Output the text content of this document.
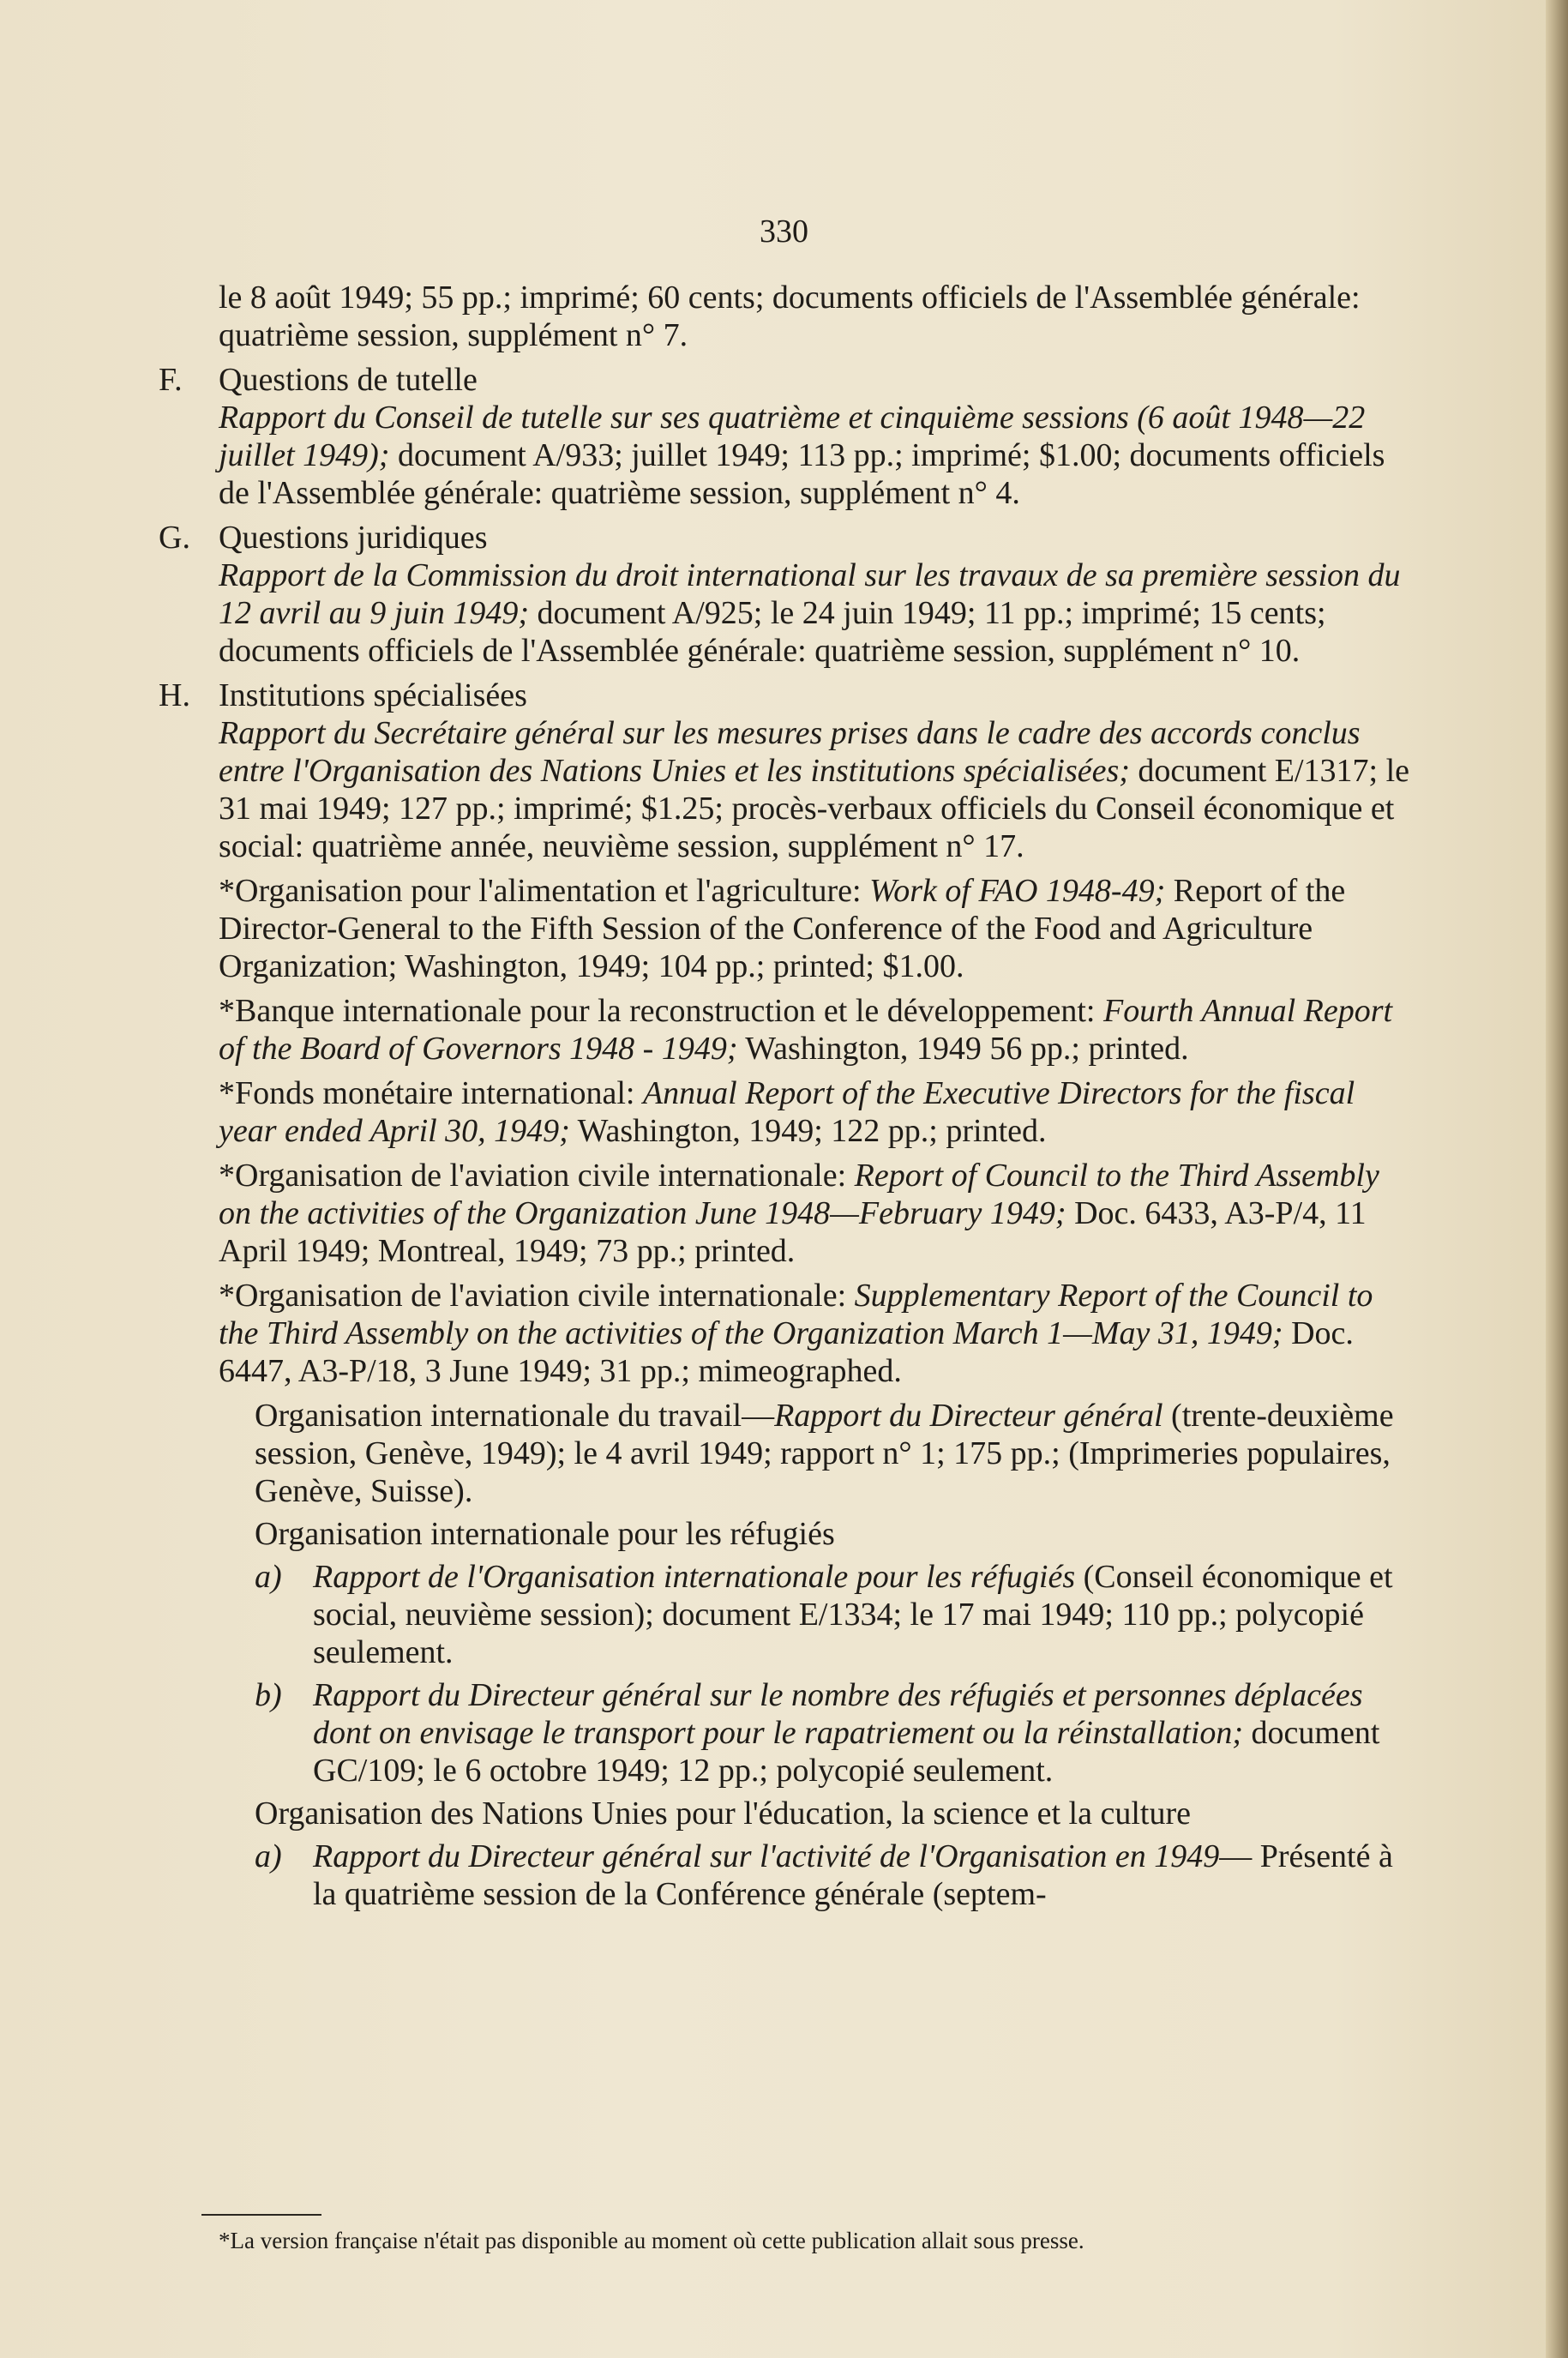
330

le 8 août 1949; 55 pp.; imprimé; 60 cents; documents officiels de l'Assemblée générale: quatrième session, supplément n° 7.

F. Questions de tutelle

Rapport du Conseil de tutelle sur ses quatrième et cinquième sessions (6 août 1948—22 juillet 1949); document A/933; juillet 1949; 113 pp.; imprimé; $1.00; documents officiels de l'Assemblée générale: quatrième session, supplément n° 4.

G. Questions juridiques

Rapport de la Commission du droit international sur les travaux de sa première session du 12 avril au 9 juin 1949; document A/925; le 24 juin 1949; 11 pp.; imprimé; 15 cents; documents officiels de l'Assemblée générale: quatrième session, supplément n° 10.

H. Institutions spécialisées

Rapport du Secrétaire général sur les mesures prises dans le cadre des accords conclus entre l'Organisation des Nations Unies et les institutions spécialisées; document E/1317; le 31 mai 1949; 127 pp.; imprimé; $1.25; procès-verbaux officiels du Conseil économique et social: quatrième année, neuvième session, supplément n° 17.

*Organisation pour l'alimentation et l'agriculture: Work of FAO 1948-49; Report of the Director-General to the Fifth Session of the Conference of the Food and Agriculture Organization; Washington, 1949; 104 pp.; printed; $1.00.

*Banque internationale pour la reconstruction et le développement: Fourth Annual Report of the Board of Governors 1948 - 1949; Washington, 1949 56 pp.; printed.

*Fonds monétaire international: Annual Report of the Executive Directors for the fiscal year ended April 30, 1949; Washington, 1949; 122 pp.; printed.

*Organisation de l'aviation civile internationale: Report of Council to the Third Assembly on the activities of the Organization June 1948—February 1949; Doc. 6433, A3-P/4, 11 April 1949; Montreal, 1949; 73 pp.; printed.

*Organisation de l'aviation civile internationale: Supplementary Report of the Council to the Third Assembly on the activities of the Organization March 1—May 31, 1949; Doc. 6447, A3-P/18, 3 June 1949; 31 pp.; mimeographed.

Organisation internationale du travail—Rapport du Directeur général (trente-deuxième session, Genève, 1949); le 4 avril 1949; rapport n° 1; 175 pp.; (Imprimeries populaires, Genève, Suisse).

Organisation internationale pour les réfugiés

a) Rapport de l'Organisation internationale pour les réfugiés (Conseil économique et social, neuvième session); document E/1334; le 17 mai 1949; 110 pp.; polycopié seulement.
b) Rapport du Directeur général sur le nombre des réfugiés et personnes déplacées dont on envisage le transport pour le rapatriement ou la réinstallation; document GC/109; le 6 octobre 1949; 12 pp.; polycopié seulement.

Organisation des Nations Unies pour l'éducation, la science et la culture

a) Rapport du Directeur général sur l'activité de l'Organisation en 1949— Présenté à la quatrième session de la Conférence générale (septem-
*La version française n'était pas disponible au moment où cette publication allait sous presse.
